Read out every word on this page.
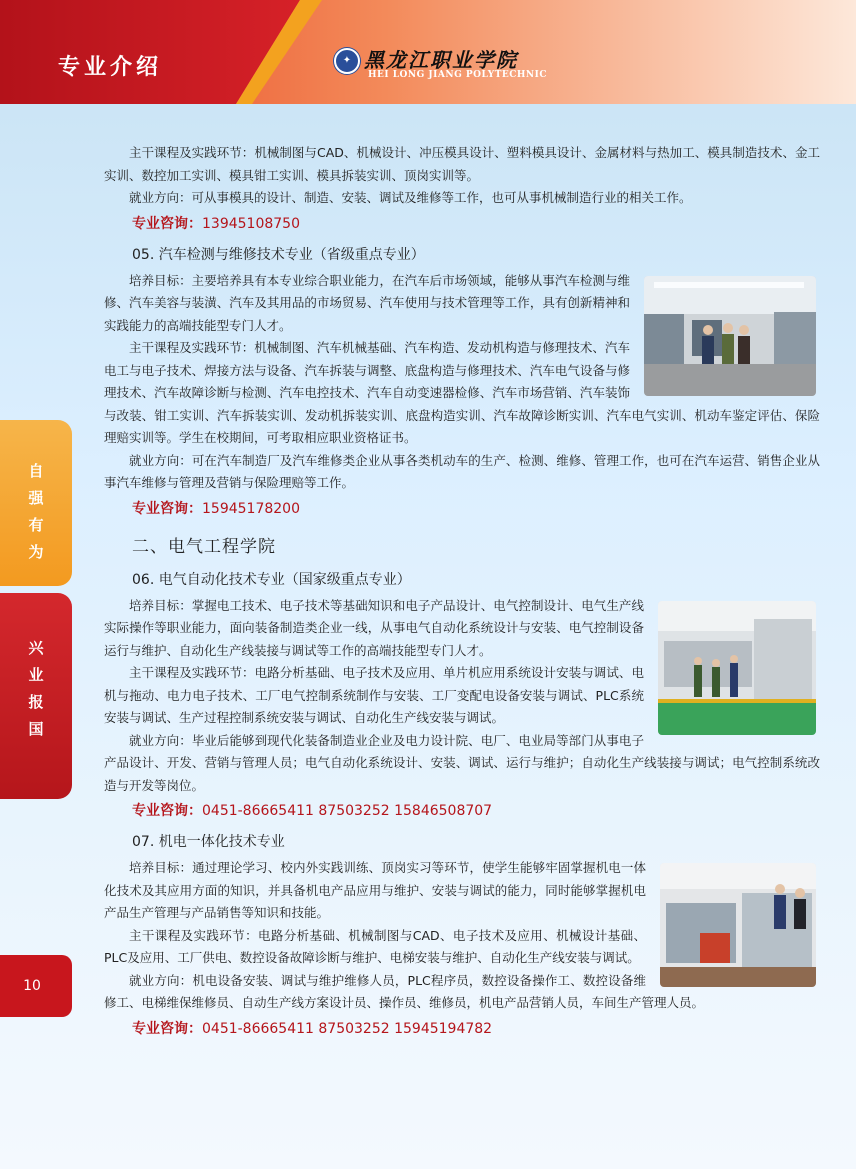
专业介绍	✦ 黑龙江职业学院
HEI LONG JIANG POLYTECHNIC
自
强
有
为
兴
业
报
国
10

主干课程及实践环节：机械制图与CAD、机械设计、冲压模具设计、塑料模具设计、金属材料与热加工、模具制造技术、金工实训、数控加工实训、模具钳工实训、模具拆装实训、顶岗实训等。

就业方向：可从事模具的设计、制造、安装、调试及维修等工作，也可从事机械制造行业的相关工作。

专业咨询：13945108750
05. 汽车检测与维修技术专业（省级重点专业）

培养目标：主要培养具有本专业综合职业能力，在汽车后市场领域，能够从事汽车检测与维修、汽车美容与装潢、汽车及其用品的市场贸易、汽车使用与技术管理等工作，具有创新精神和实践能力的高端技能型专门人才。

主干课程及实践环节：机械制图、汽车机械基础、汽车构造、发动机构造与修理技术、汽车电工与电子技术、焊接方法与设备、汽车拆装与调整、底盘构造与修理技术、汽车电气设备与修理技术、汽车故障诊断与检测、汽车电控技术、汽车自动变速器检修、汽车市场营销、汽车装饰与改装、钳工实训、汽车拆装实训、发动机拆装实训、底盘构造实训、汽车故障诊断实训、汽车电气实训、机动车鉴定评估、保险理赔实训等。学生在校期间，可考取相应职业资格证书。

就业方向：可在汽车制造厂及汽车维修类企业从事各类机动车的生产、检测、维修、管理工作，也可在汽车运营、销售企业从事汽车维修与管理及营销与保险理赔等工作。

专业咨询：15945178200
二、电气工程学院
06. 电气自动化技术专业（国家级重点专业）

培养目标：掌握电工技术、电子技术等基础知识和电子产品设计、电气控制设计、电气生产线实际操作等职业能力，面向装备制造类企业一线，从事电气自动化系统设计与安装、电气控制设备运行与维护、自动化生产线装接与调试等工作的高端技能型专门人才。

主干课程及实践环节：电路分析基础、电子技术及应用、单片机应用系统设计安装与调试、电机与拖动、电力电子技术、工厂电气控制系统制作与安装、工厂变配电设备安装与调试、PLC系统安装与调试、生产过程控制系统安装与调试、自动化生产线安装与调试。

就业方向：毕业后能够到现代化装备制造业企业及电力设计院、电厂、电业局等部门从事电子产品设计、开发、营销与管理人员；电气自动化系统设计、安装、调试、运行与维护；自动化生产线装接与调试；电气控制系统改造与开发等岗位。

专业咨询：0451-86665411 87503252 15846508707
07. 机电一体化技术专业

培养目标：通过理论学习、校内外实践训练、顶岗实习等环节，使学生能够牢固掌握机电一体化技术及其应用方面的知识，并具备机电产品应用与维护、安装与调试的能力，同时能够掌握机电产品生产管理与产品销售等知识和技能。

主干课程及实践环节：电路分析基础、机械制图与CAD、电子技术及应用、机械设计基础、PLC及应用、工厂供电、数控设备故障诊断与维护、电梯安装与维护、自动化生产线安装与调试。

就业方向：机电设备安装、调试与维护维修人员，PLC程序员，数控设备操作工、数控设备维修工、电梯维保维修员、自动生产线方案设计员、操作员、维修员，机电产品营销人员，车间生产管理人员。

专业咨询：0451-86665411 87503252 15945194782
